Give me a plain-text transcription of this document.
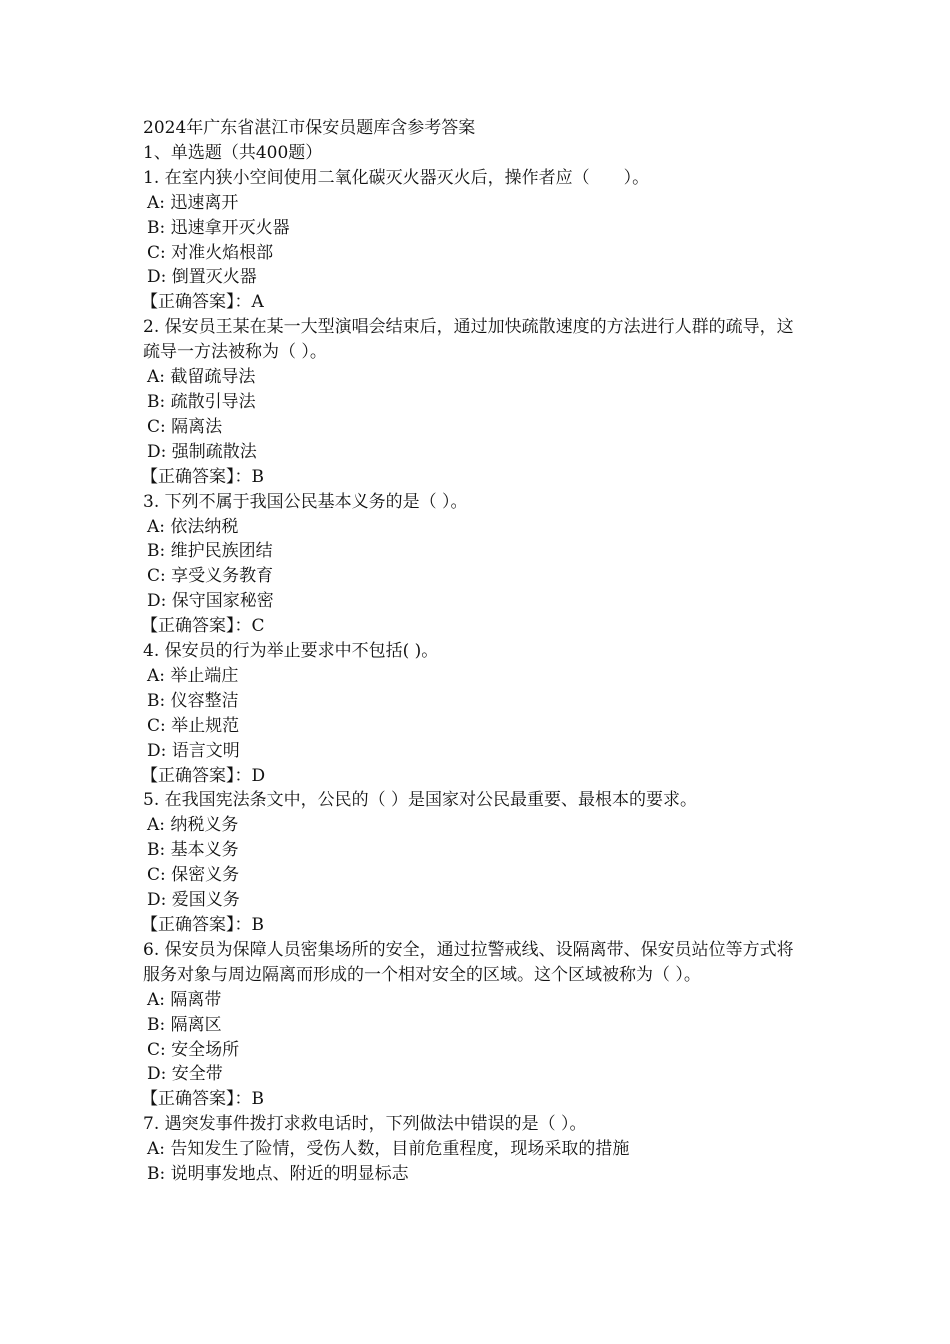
2024年广东省湛江市保安员题库含参考答案

1、单选题（共400题）

1. 在室内狭小空间使用二氧化碳灭火器灭火后，操作者应（　　）。

A: 迅速离开

B: 迅速拿开灭火器

C: 对准火焰根部

D: 倒置灭火器

【正确答案】：A

2. 保安员王某在某一大型演唱会结束后，通过加快疏散速度的方法进行人群的疏导，这疏导一方法被称为（ ）。

A: 截留疏导法

B: 疏散引导法

C: 隔离法

D: 强制疏散法

【正确答案】：B

3. 下列不属于我国公民基本义务的是（ ）。

A: 依法纳税

B: 维护民族团结

C: 享受义务教育

D: 保守国家秘密

【正确答案】：C

4. 保安员的行为举止要求中不包括( )。

A: 举止端庄

B: 仪容整洁

C: 举止规范

D: 语言文明

【正确答案】：D

5. 在我国宪法条文中，公民的（ ）是国家对公民最重要、最根本的要求。

A: 纳税义务

B: 基本义务

C: 保密义务

D: 爱国义务

【正确答案】：B

6. 保安员为保障人员密集场所的安全，通过拉警戒线、设隔离带、保安员站位等方式将服务对象与周边隔离而形成的一个相对安全的区域。这个区域被称为（ ）。

A: 隔离带

B: 隔离区

C: 安全场所

D: 安全带

【正确答案】：B

7. 遇突发事件拨打求救电话时，下列做法中错误的是（ ）。

A: 告知发生了险情，受伤人数，目前危重程度，现场采取的措施

B: 说明事发地点、附近的明显标志
